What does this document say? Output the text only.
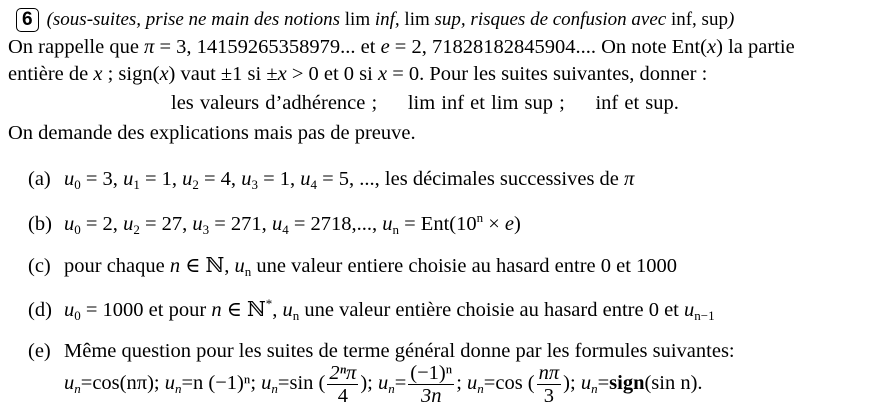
6 (sous-suites, prise ne main des notions lim inf, lim sup, risques de confusion avec inf, sup)
On rappelle que π = 3, 14159265358979... et e = 2, 71828182845904.... On note Ent(x) la partie
entière de x ; sign(x) vaut ±1 si ±x > 0 et 0 si x = 0. Pour les suites suivantes, donner :
les valeurs d’adhérence ;     lim inf et lim sup ;     inf et sup.
On demande des explications mais pas de preuve.
(a) $u_0 = 3$, $u_1 = 1$, $u_2 = 4$, $u_3 = 1$, $u_4 = 5$, ..., les décimales successives de π
(b) $u_0 = 2$, $u_2 = 27$, $u_3 = 271$, $u_4 = 2718$,..., $u_n = Ent(10^n \times e)$
(c) pour chaque n ∈ ℕ, $u_n$ une valeur entiere choisie au hasard entre 0 et 1000
(d) $u_0 = 1000$ et pour n ∈ ℕ*, $u_n$ une valeur entière choisie au hasard entre 0 et $u_{n-1}$
(e) Même question pour les suites de terme général donne par les formules suivantes:
$u_n=\cos(n\pi)$; $u_n=n$ (−1)ⁿ; $u_n=\sin$ ( $\frac{\text{2ⁿπ}}{4}$ ); $u_n= \frac{\text{(−1)ⁿ}}{3n}$ ; $u_n=\cos$ ( $\frac{n\pi}{3}$ ); $u_n=sign(\sin$ n).
